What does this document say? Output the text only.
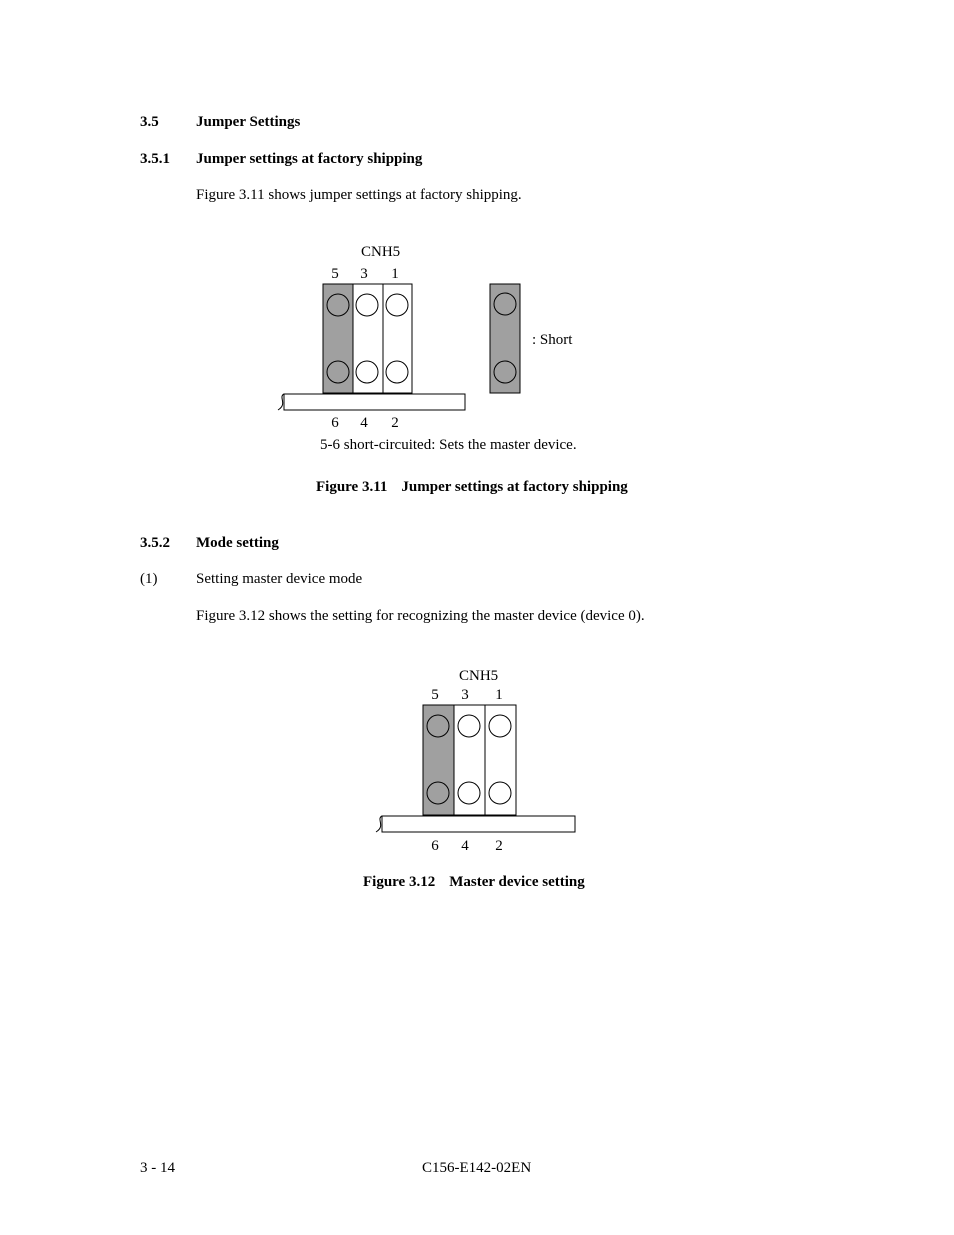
3.5 Jumper Settings
3.5.1 Jumper settings at factory shipping
Figure 3.11 shows jumper settings at factory shipping.
CNH5
5 3 1
: Short
6 4 2
5-6 short-circuited: Sets the master device.
Figure 3.11 Jumper settings at factory shipping
3.5.2 Mode setting
(1)	Setting master device mode
Figure 3.12 shows the setting for recognizing the master device (device 0).
CNH5
5 3 1
6 4 2
Figure 3.12 Master device setting
3 - 14	C156-E142-02EN
